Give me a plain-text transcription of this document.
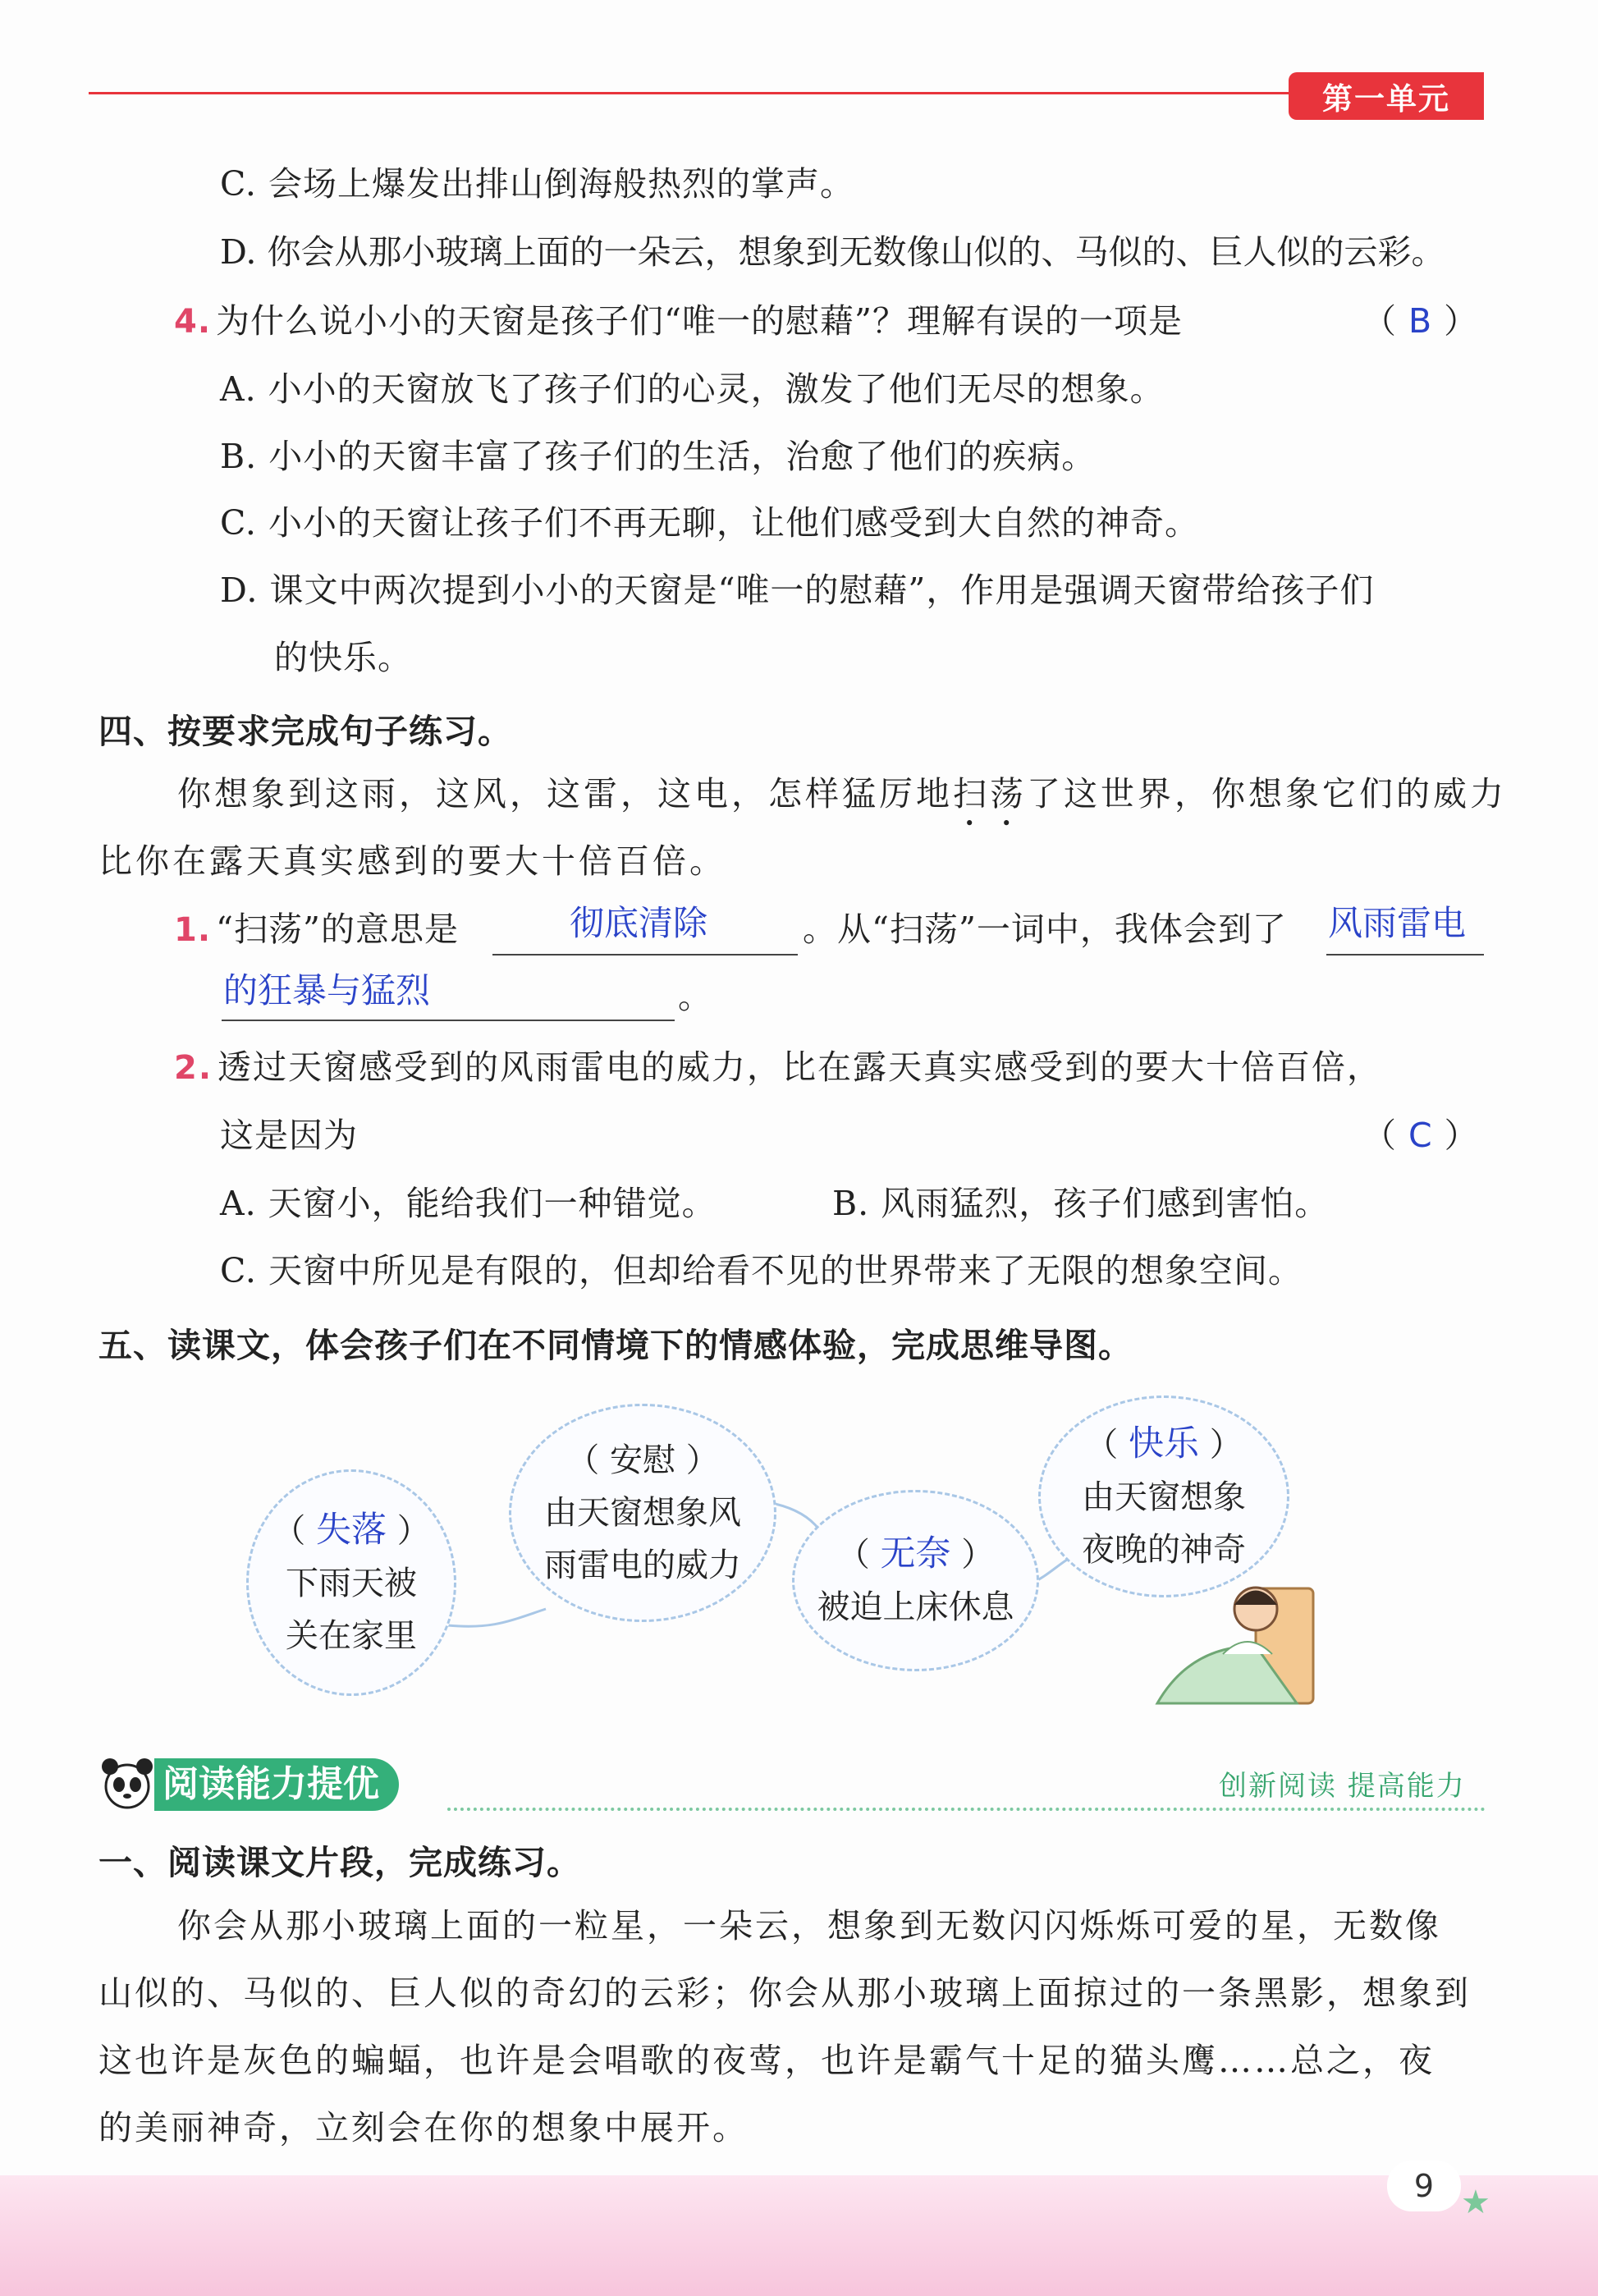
第一单元
C. 会场上爆发出排山倒海般热烈的掌声。
D. 你会从那小玻璃上面的一朵云，想象到无数像山似的、马似的、巨人似的云彩。
4. 为什么说小小的天窗是孩子们“唯一的慰藉”？理解有误的一项是	（ B ）
A. 小小的天窗放飞了孩子们的心灵，激发了他们无尽的想象。
B. 小小的天窗丰富了孩子们的生活，治愈了他们的疾病。
C. 小小的天窗让孩子们不再无聊，让他们感受到大自然的神奇。
D. 课文中两次提到小小的天窗是“唯一的慰藉”，作用是强调天窗带给孩子们
的快乐。
四、按要求完成句子练习。
你想象到这雨，这风，这雷，这电，怎样猛厉地扫荡了这世界，你想象它们的威力
比你在露天真实感到的要大十倍百倍。
1. “扫荡”的意思是	彻底清除	。从“扫荡”一词中，我体会到了 风雨雷电
的狂暴与猛烈	。
2. 透过天窗感受到的风雨雷电的威力，比在露天真实感受到的要大十倍百倍，
这是因为	（ C ）
A. 天窗小，能给我们一种错觉。	B. 风雨猛烈，孩子们感到害怕。
C. 天窗中所见是有限的，但却给看不见的世界带来了无限的想象空间。
五、读课文，体会孩子们在不同情境下的情感体验，完成思维导图。
（ 失落 ）
下雨天被
关在家里
（ 安慰 ）
由天窗想象风
雨雷电的威力	（ 无奈 ）
被迫上床休息
（ 快乐 ）
由天窗想象
夜晚的神奇
阅读能力提优	创新阅读 提高能力
一、阅读课文片段，完成练习。
你会从那小玻璃上面的一粒星，一朵云，想象到无数闪闪烁烁可爱的星，无数像
山似的、马似的、巨人似的奇幻的云彩；你会从那小玻璃上面掠过的一条黑影，想象到
这也许是灰色的蝙蝠，也许是会唱歌的夜莺，也许是霸气十足的猫头鹰……总之，夜
的美丽神奇，立刻会在你的想象中展开。
9 ★
